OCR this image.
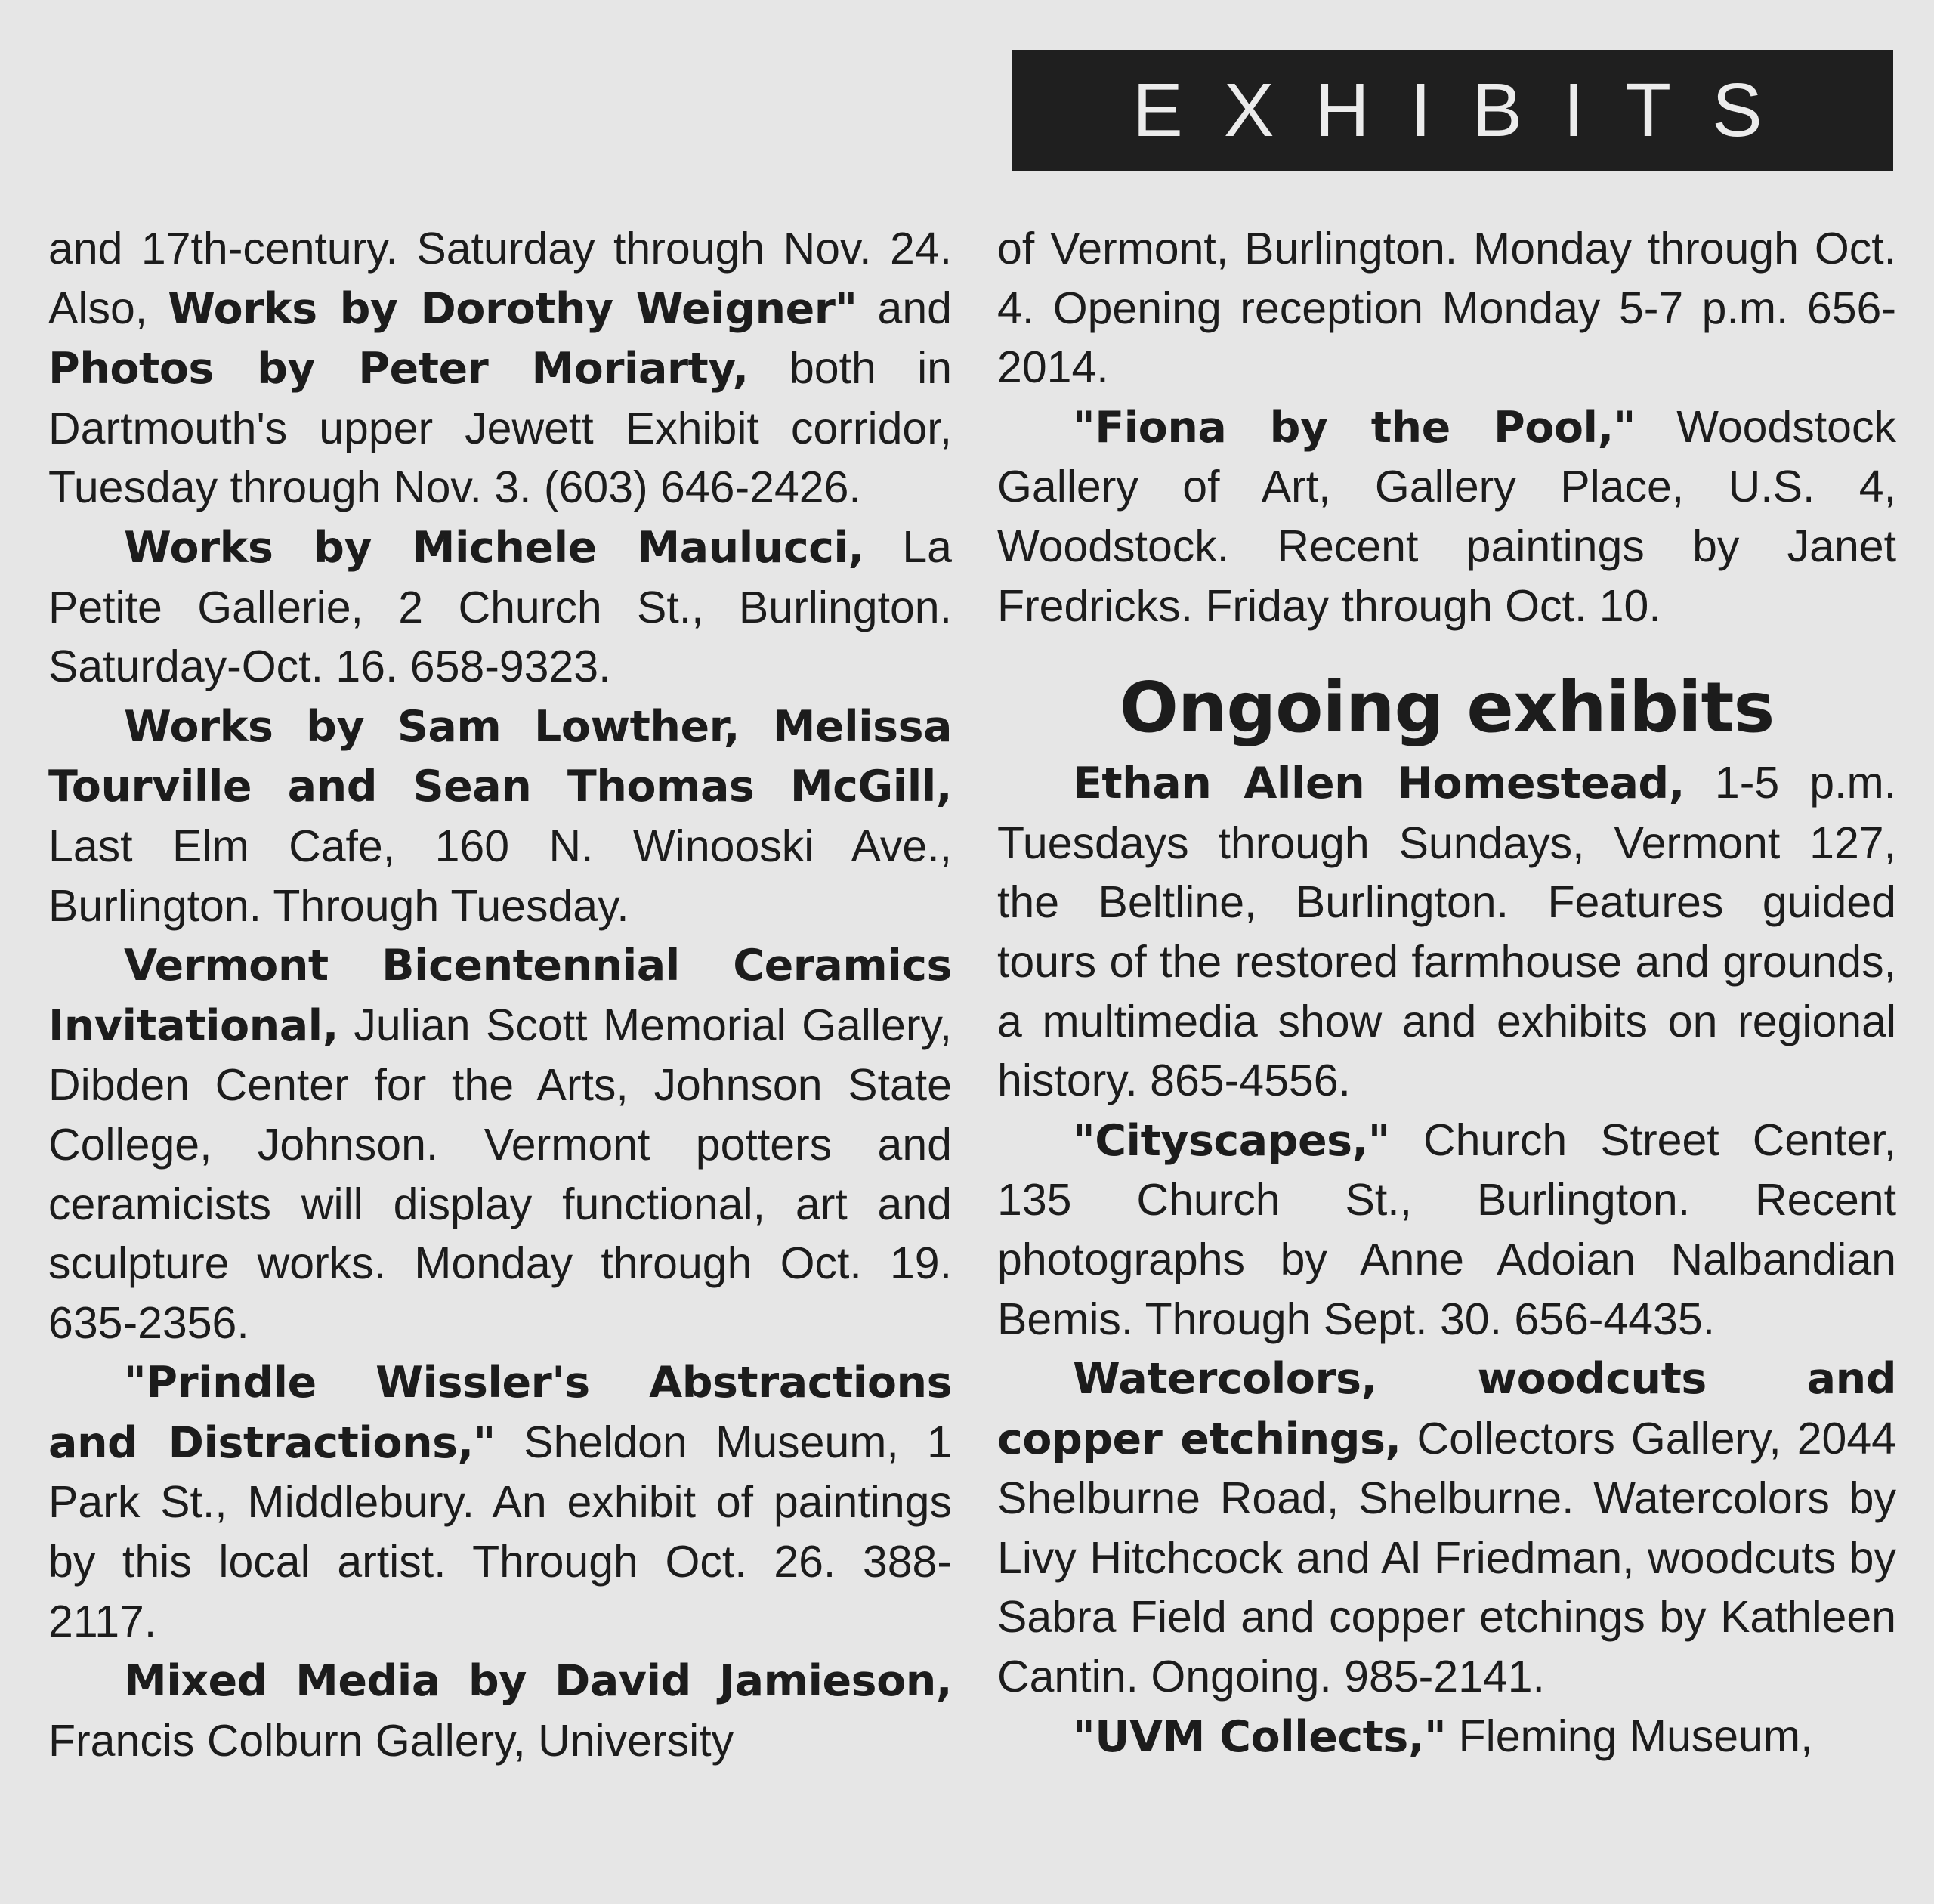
EXHIBITS

and 17th-century. Saturday through Nov. 24. Also, Works by Dorothy Weigner" and Photos by Peter Moriarty, both in Dartmouth's upper Jewett Exhibit corridor, Tuesday through Nov. 3. (603) 646-2426.

Works by Michele Maulucci, La Petite Gallerie, 2 Church St., Burlington. Saturday-Oct. 16. 658-9323.

Works by Sam Lowther, Melissa Tourville and Sean Thomas McGill, Last Elm Cafe, 160 N. Winooski Ave., Burlington. Through Tuesday.

Vermont Bicentennial Ceramics Invitational, Julian Scott Memorial Gallery, Dibden Center for the Arts, Johnson State College, Johnson. Vermont potters and ceramicists will display functional, art and sculpture works. Monday through Oct. 19. 635-2356.

"Prindle Wissler's Abstractions and Distractions," Sheldon Museum, 1 Park St., Middlebury. An exhibit of paintings by this local artist. Through Oct. 26. 388-2117.

Mixed Media by David Jamieson, Francis Colburn Gallery, University

of Vermont, Burlington. Monday through Oct. 4. Opening reception Monday 5-7 p.m. 656-2014.

"Fiona by the Pool," Woodstock Gallery of Art, Gallery Place, U.S. 4, Woodstock. Recent paintings by Janet Fredricks. Friday through Oct. 10.

Ongoing exhibits

Ethan Allen Homestead, 1-5 p.m. Tuesdays through Sundays, Vermont 127, the Beltline, Burlington. Features guided tours of the restored farmhouse and grounds, a multimedia show and exhibits on regional history. 865-4556.

"Cityscapes," Church Street Center, 135 Church St., Burlington. Recent photographs by Anne Adoian Nalbandian Bemis. Through Sept. 30. 656-4435.

Watercolors, woodcuts and copper etchings, Collectors Gallery, 2044 Shelburne Road, Shelburne. Watercolors by Livy Hitchcock and Al Friedman, woodcuts by Sabra Field and copper etchings by Kathleen Cantin. Ongoing. 985-2141.

"UVM Collects," Fleming Museum,
